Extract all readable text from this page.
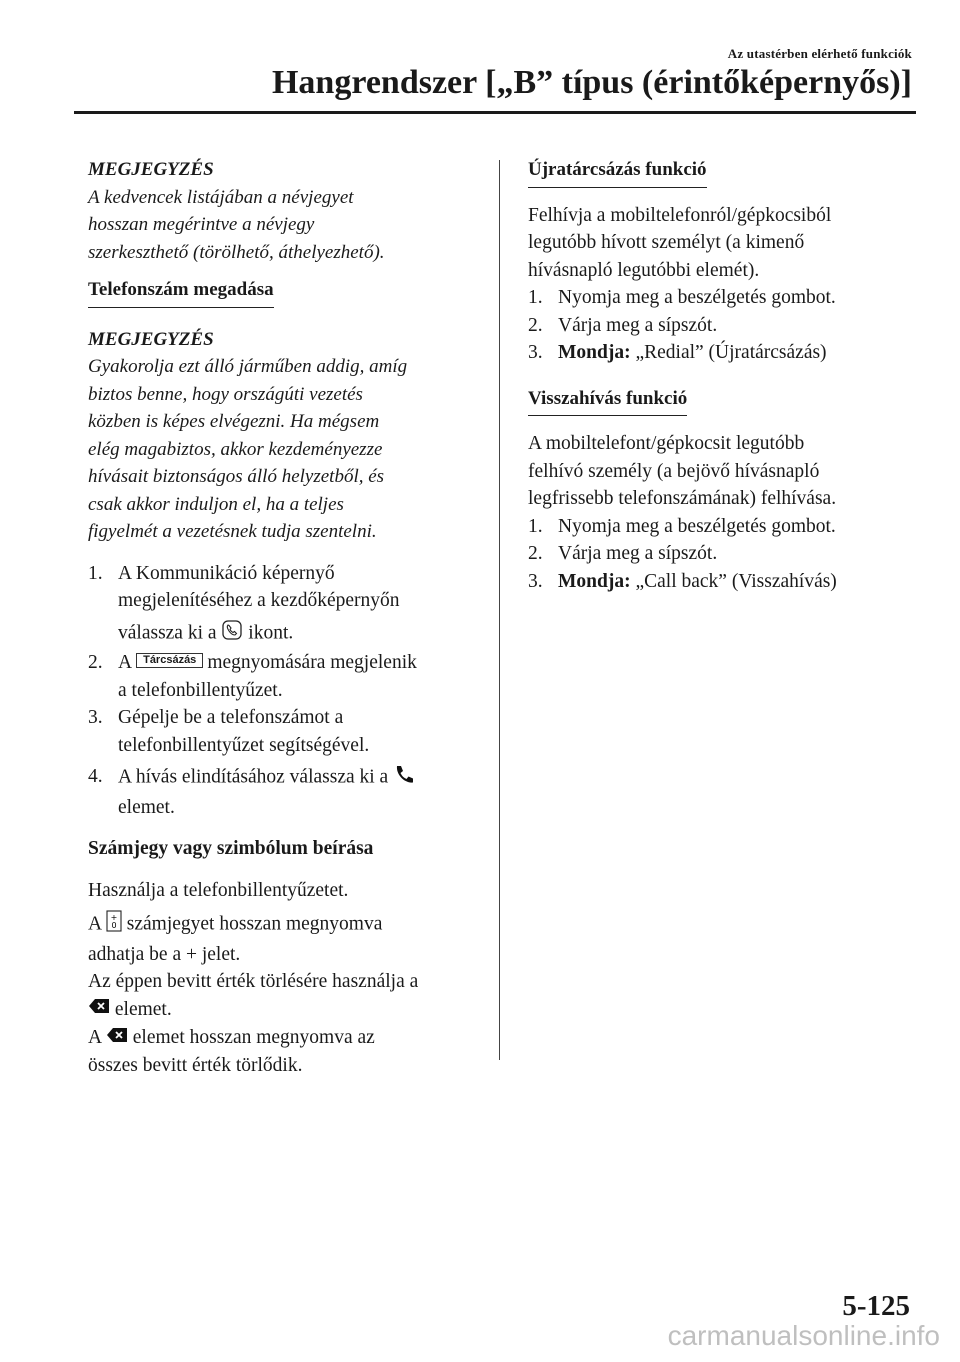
Az utastérben elérhető funkciók
Hangrendszer [„B” típus (érintőképernyős)]

MEGJEGYZÉS

A kedvencek listájában a névjegyet

hosszan megérintve a névjegy

szerkeszthető (törölhető, áthelyezhető).

Telefonszám megadása

MEGJEGYZÉS

Gyakorolja ezt álló járműben addig, amíg

biztos benne, hogy országúti vezetés

közben is képes elvégezni. Ha mégsem

elég magabiztos, akkor kezdeményezze

hívásait biztonságos álló helyzetből, és

csak akkor induljon el, ha a teljes

figyelmét a vezetésnek tudja szentelni.

1. A Kommunikáció képernyő

megjelenítéséhez a kezdőképernyőn

válassza ki a ikont.

2. A Tárcsázás megnyomására megjelenik

a telefonbillentyűzet.

3. Gépelje be a telefonszámot a

telefonbillentyűzet segítségével.

4. A hívás elindításához válassza ki a

elemet.

Számjegy vagy szimbólum beírása

Használja a telefonbillentyűzetet.

A +
0 számjegyet hosszan megnyomva

adhatja be a + jelet.

Az éppen bevitt érték törlésére használja a

elemet.

A elemet hosszan megnyomva az

összes bevitt érték törlődik.

Újratárcsázás funkció

Felhívja a mobiltelefonról/gépkocsiból

legutóbb hívott személyt (a kimenő

hívásnapló legutóbbi elemét).

1. Nyomja meg a beszélgetés gombot.
2. Várja meg a sípszót.
3. Mondja: „Redial” (Újratárcsázás)
Visszahívás funkció

A mobiltelefont/gépkocsit legutóbb

felhívó személy (a bejövő hívásnapló

legfrissebb telefonszámának) felhívása.

1. Nyomja meg a beszélgetés gombot.
2. Várja meg a sípszót.
3. Mondja: „Call back” (Visszahívás)
5-125
carmanualsonline.info
